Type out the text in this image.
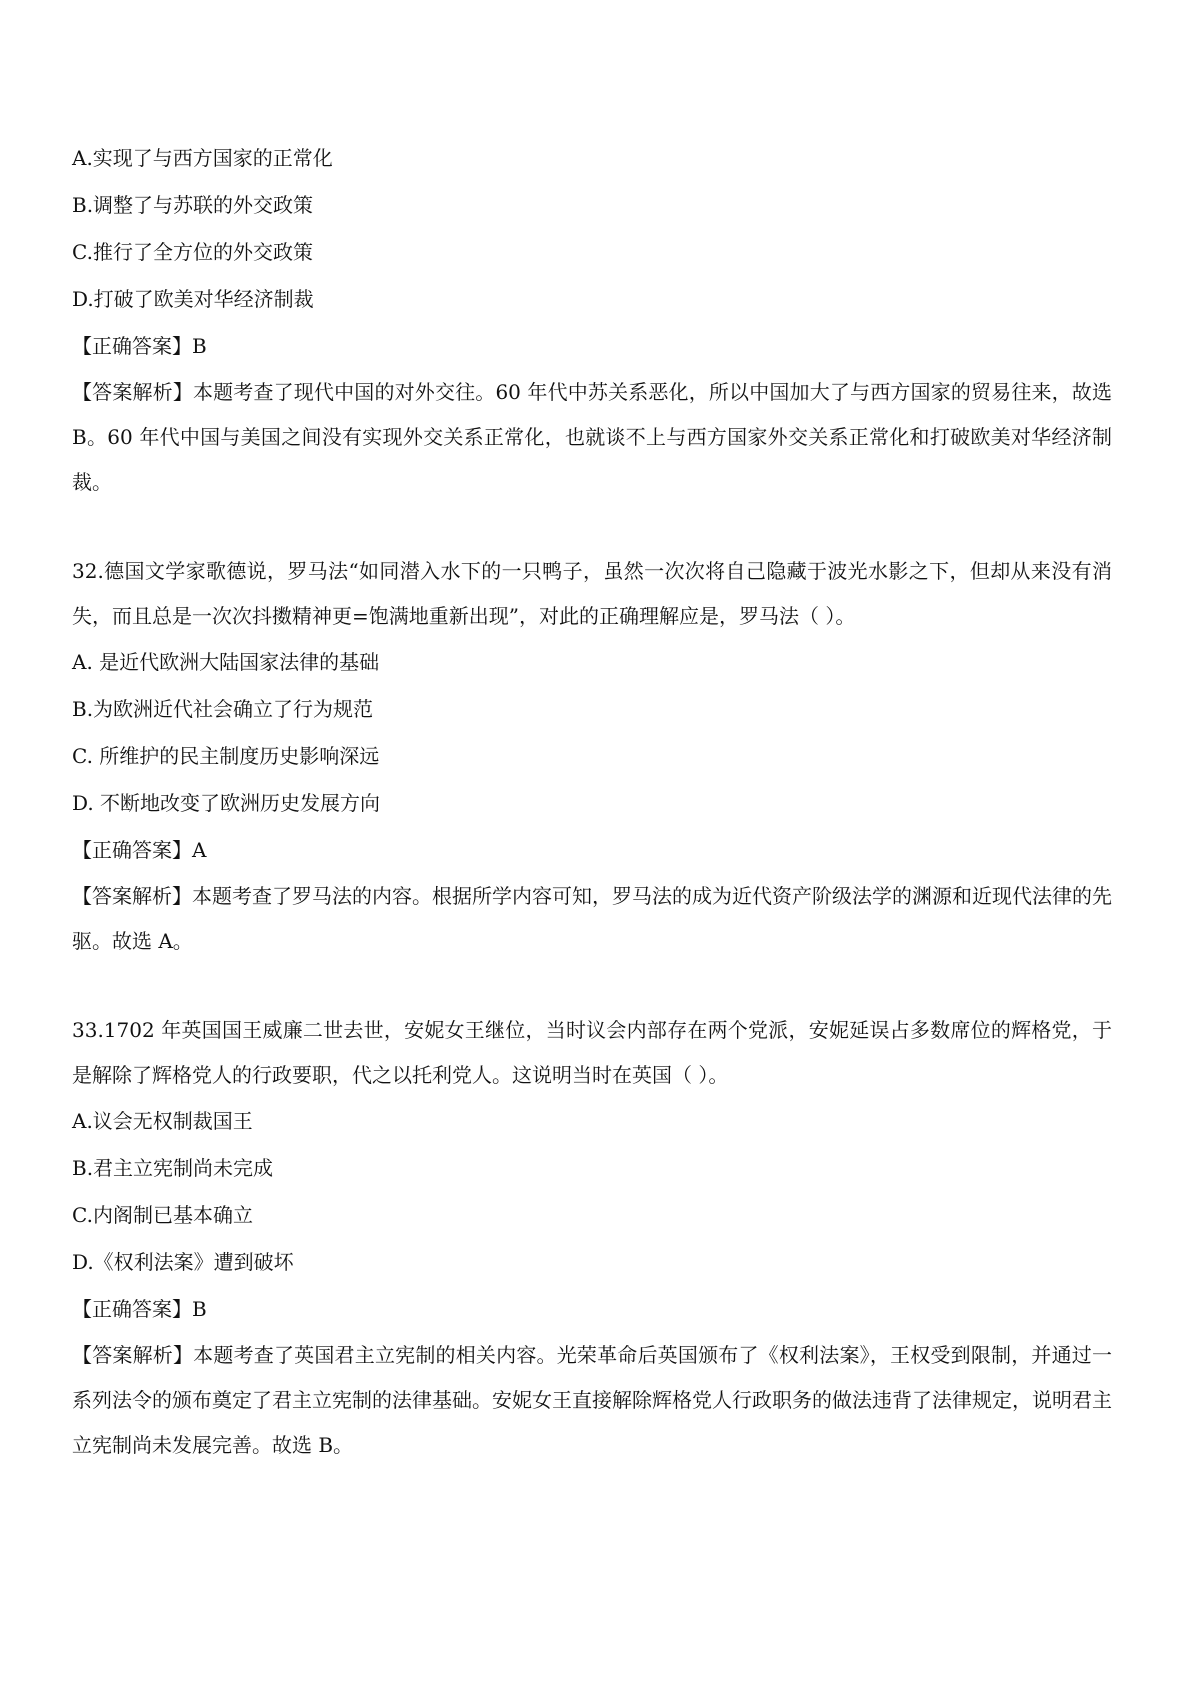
A.实现了与西方国家的正常化

B.调整了与苏联的外交政策

C.推行了全方位的外交政策

D.打破了欧美对华经济制裁

【正确答案】B

【答案解析】本题考查了现代中国的对外交往。60 年代中苏关系恶化，所以中国加大了与西方国家的贸易往来，故选 B。60 年代中国与美国之间没有实现外交关系正常化，也就谈不上与西方国家外交关系正常化和打破欧美对华经济制裁。

32.德国文学家歌德说，罗马法“如同潜入水下的一只鸭子，虽然一次次将自己隐藏于波光水影之下，但却从来没有消失，而且总是一次次抖擞精神更=饱满地重新出现”，对此的正确理解应是，罗马法（ ）。

A. 是近代欧洲大陆国家法律的基础

B.为欧洲近代社会确立了行为规范

C. 所维护的民主制度历史影响深远

D. 不断地改变了欧洲历史发展方向

【正确答案】A

【答案解析】本题考查了罗马法的内容。根据所学内容可知，罗马法的成为近代资产阶级法学的渊源和近现代法律的先驱。故选 A。

33.1702 年英国国王威廉二世去世，安妮女王继位，当时议会内部存在两个党派，安妮延误占多数席位的辉格党，于是解除了辉格党人的行政要职，代之以托利党人。这说明当时在英国（ ）。

A.议会无权制裁国王

B.君主立宪制尚未完成

C.内阁制已基本确立

D.《权利法案》遭到破坏

【正确答案】B

【答案解析】本题考查了英国君主立宪制的相关内容。光荣革命后英国颁布了《权利法案》，王权受到限制，并通过一系列法令的颁布奠定了君主立宪制的法律基础。安妮女王直接解除辉格党人行政职务的做法违背了法律规定，说明君主立宪制尚未发展完善。故选 B。
